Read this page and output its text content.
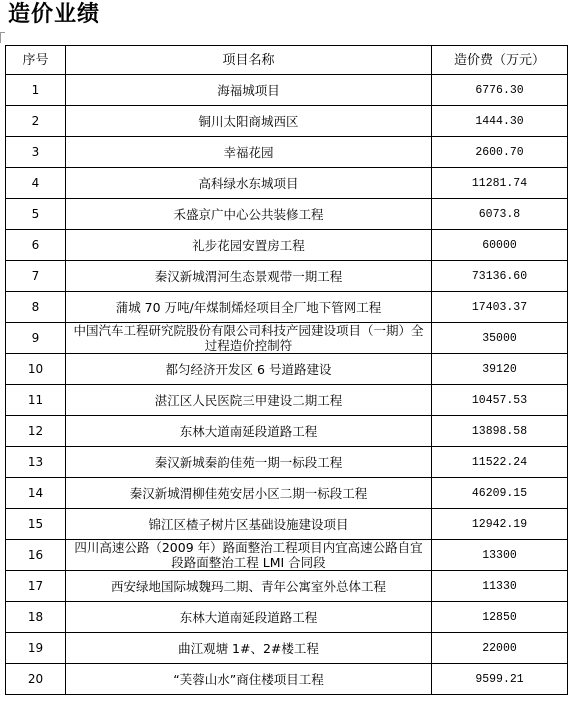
造价业绩
序号	项目名称	造价费（万元）
1	海福城项目	6776.30
2	铜川太阳商城西区	1444.30
3	幸福花园	2600.70
4	高科绿水东城项目	11281.74
5	禾盛京广中心公共装修工程	6073.8
6	礼步花园安置房工程	60000
7	秦汉新城渭河生态景观带一期工程	73136.60
8	蒲城 70 万吨/年煤制烯烃项目全厂地下管网工程	17403.37
9	中国汽车工程研究院股份有限公司科技产园建设项目（一期）全过程造价控制符	35000
10	都匀经济开发区 6 号道路建设	39120
11	湛江区人民医院三甲建设二期工程	10457.53
12	东林大道南延段道路工程	13898.58
13	秦汉新城秦韵佳苑一期一标段工程	11522.24
14	秦汉新城渭柳佳苑安居小区二期一标段工程	46209.15
15	锦江区楂子树片区基础设施建设项目	12942.19
16	四川高速公路（2009 年）路面整治工程项目内宜高速公路自宜段路面整治工程 LMI 合同段	13300
17	西安绿地国际城魏玛二期、青年公寓室外总体工程	11330
18	东林大道南延段道路工程	12850
19	曲江观塘 1#、2#楼工程	22000
20	“芙蓉山水”商住楼项目工程	9599.21
